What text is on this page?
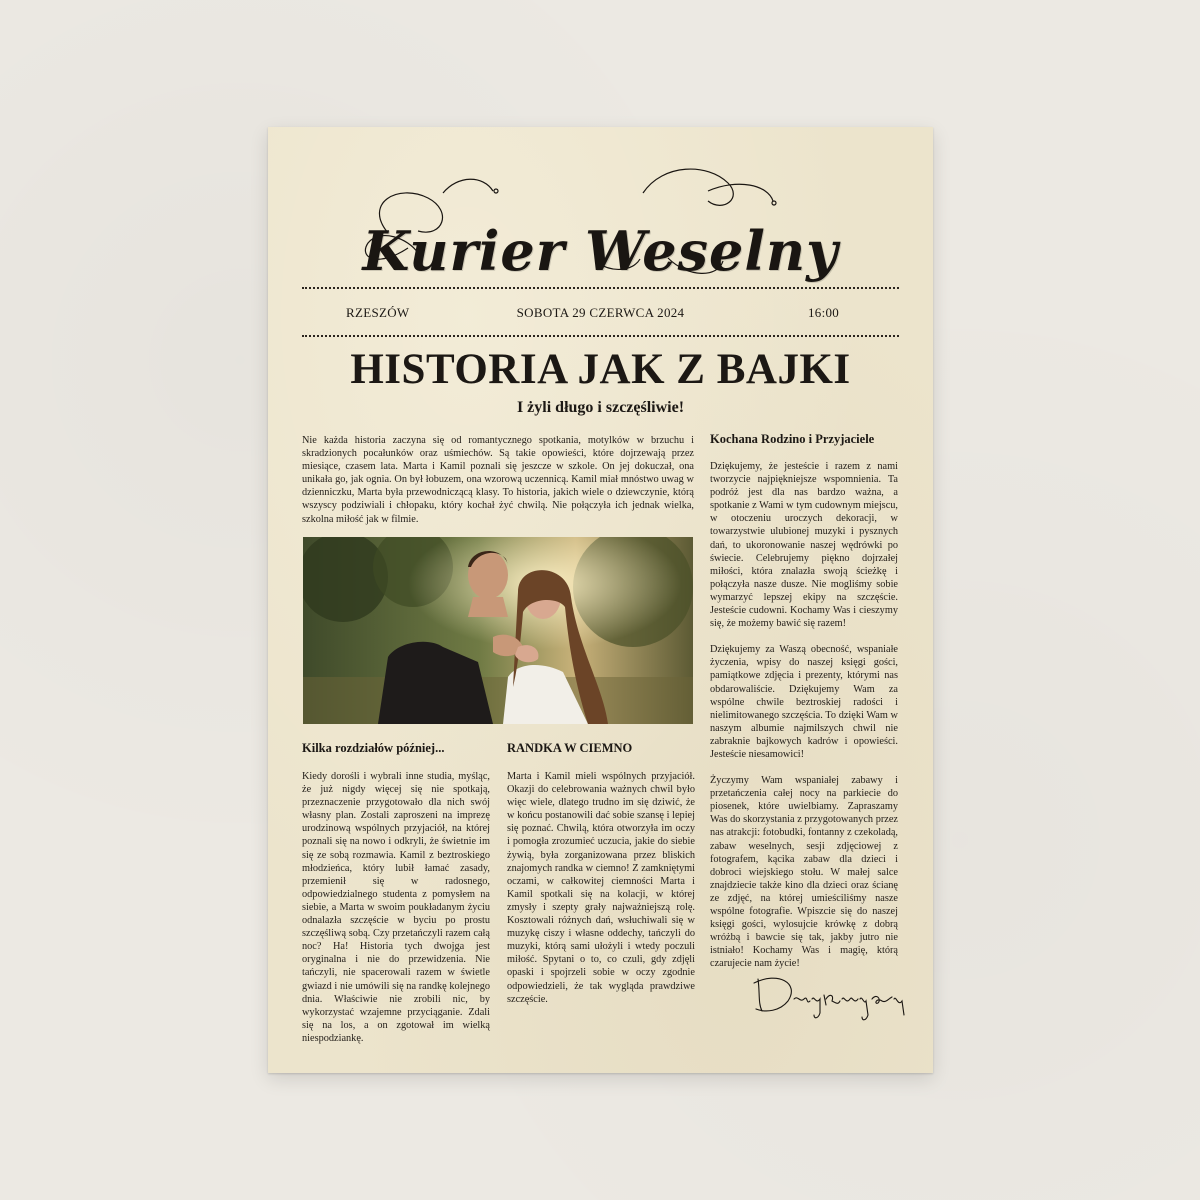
Kurier Weselny
RZESZÓW	SOBOTA 29 CZERWCA 2024	16:00
HISTORIA JAK Z BAJKI
I żyli długo i szczęśliwie!
Nie każda historia zaczyna się od romantycznego spotkania, motylków w brzuchu i skradzionych pocałunków oraz uśmiechów. Są takie opowieści, które dojrzewają przez miesiące, czasem lata. Marta i Kamil poznali się jeszcze w szkole. On jej dokuczał, ona unikała go, jak ognia. On był łobuzem, ona wzorową uczennicą. Kamil miał mnóstwo uwag w dzienniczku, Marta była przewodniczącą klasy. To historia, jakich wiele o dziewczynie, którą wszyscy podziwiali i chłopaku, który kochał żyć chwilą. Nie połączyła ich jednak wielka, szkolna miłość jak w filmie.
Kilka rozdziałów później...	RANDKA W CIEMNO
Kochana Rodzino i Przyjaciele
Kiedy dorośli i wybrali inne studia, myśląc, że już nigdy więcej się nie spotkają, przeznaczenie przygotowało dla nich swój własny plan. Zostali zaproszeni na imprezę urodzinową wspólnych przyjaciół, na której poznali się na nowo i odkryli, że świetnie im się ze sobą rozmawia. Kamil z beztroskiego młodzieńca, który lubił łamać zasady, przemienił się w radosnego, odpowiedzialnego studenta z pomysłem na siebie, a Marta w swoim poukładanym życiu odnalazła szczęście w byciu po prostu szczęśliwą sobą. Czy przetańczyli razem całą noc? Ha! Historia tych dwojga jest oryginalna i nie do przewidzenia. Nie tańczyli, nie spacerowali razem w świetle gwiazd i nie umówili się na randkę kolejnego dnia. Właściwie nie zrobili nic, by wykorzystać wzajemne przyciąganie. Zdali się na los, a on zgotował im wielką niespodziankę.
Marta i Kamil mieli wspólnych przyjaciół. Okazji do celebrowania ważnych chwil było więc wiele, dlatego trudno im się dziwić, że w końcu postanowili dać sobie szansę i lepiej się poznać. Chwilą, która otworzyła im oczy i pomogła zrozumieć uczucia, jakie do siebie żywią, była zorganizowana przez bliskich znajomych randka w ciemno! Z zamkniętymi oczami, w całkowitej ciemności Marta i Kamil spotkali się na kolacji, w której zmysły i szepty grały najważniejszą rolę. Kosztowali różnych dań, wsłuchiwali się w muzykę ciszy i własne oddechy, tańczyli do muzyki, którą sami ułożyli i wtedy poczuli miłość. Spytani o to, co czuli, gdy zdjęli opaski i spojrzeli sobie w oczy zgodnie odpowiedzieli, że tak wygląda prawdziwe szczęście.

Dziękujemy, że jesteście i razem z nami tworzycie najpiękniejsze wspomnienia. Ta podróż jest dla nas bardzo ważna, a spotkanie z Wami w tym cudownym miejscu, w otoczeniu uroczych dekoracji, w towarzystwie ulubionej muzyki i pysznych dań, to ukoronowanie naszej wędrówki po świecie. Celebrujemy piękno dojrzałej miłości, która znalazła swoją ścieżkę i połączyła nasze dusze. Nie mogliśmy sobie wymarzyć lepszej ekipy na szczęście. Jesteście cudowni. Kochamy Was i cieszymy się, że możemy bawić się razem!

Dziękujemy za Waszą obecność, wspaniałe życzenia, wpisy do naszej księgi gości, pamiątkowe zdjęcia i prezenty, którymi nas obdarowaliście. Dziękujemy Wam za wspólne chwile beztroskiej radości i nielimitowanego szczęścia. To dzięki Wam w naszym albumie najmilszych chwil nie zabraknie bajkowych kadrów i opowieści. Jesteście niesamowici!

Życzymy Wam wspaniałej zabawy i przetańczenia całej nocy na parkiecie do piosenek, które uwielbiamy. Zapraszamy Was do skorzystania z przygotowanych przez nas atrakcji: fotobudki, fontanny z czekoladą, zabaw weselnych, sesji zdjęciowej z fotografem, kącika zabaw dla dzieci i dobroci wiejskiego stołu. W małej salce znajdziecie także kino dla dzieci oraz ścianę ze zdjęć, na której umieściliśmy nasze wspólne fotografie. Wpiszcie się do naszej księgi gości, wylosujcie krówkę z dobrą wróżbą i bawcie się tak, jakby jutro nie istniało! Kochamy Was i magię, którą czarujecie nam życie!
